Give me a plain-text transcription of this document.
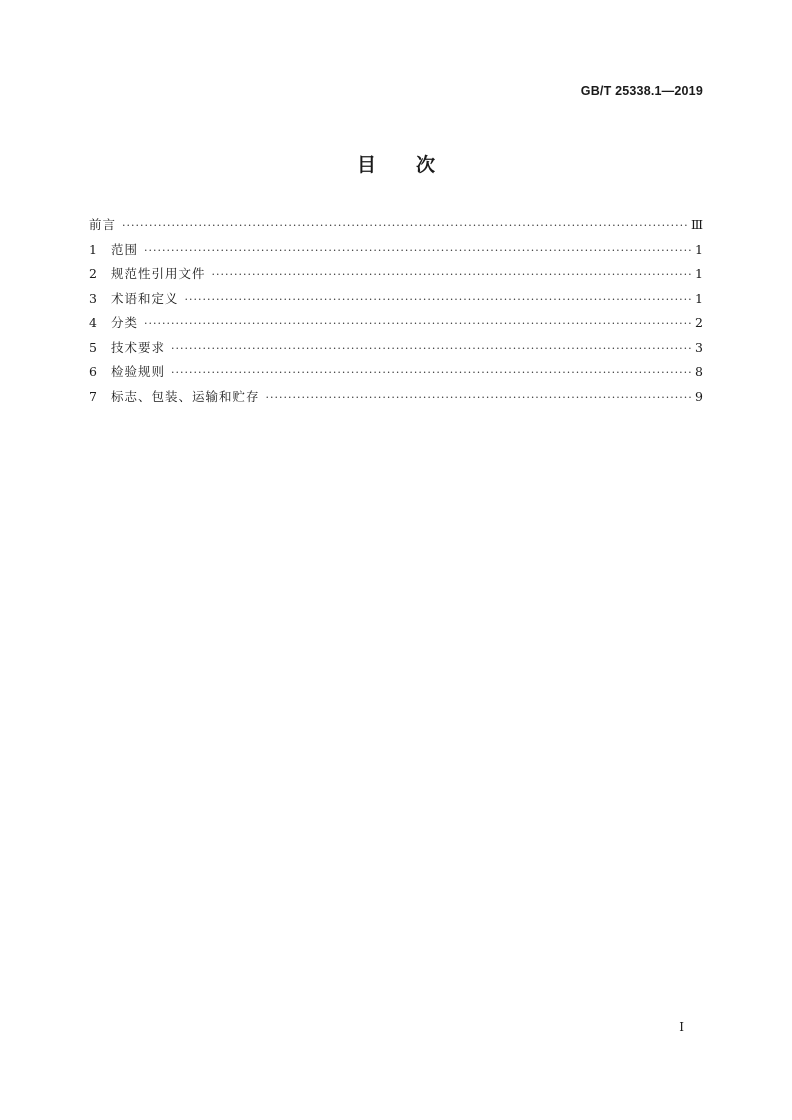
GB/T 25338.1—2019
目 次
前言 ·····	Ⅲ
1	范围 ·····	1
2	规范性引用文件 ·····	1
3	术语和定义 ·····	1
4	分类 ·····	2
5	技术要求 ·····	3
6	检验规则 ·····	8
7	标志、包装、运输和贮存 ·····	9
I
